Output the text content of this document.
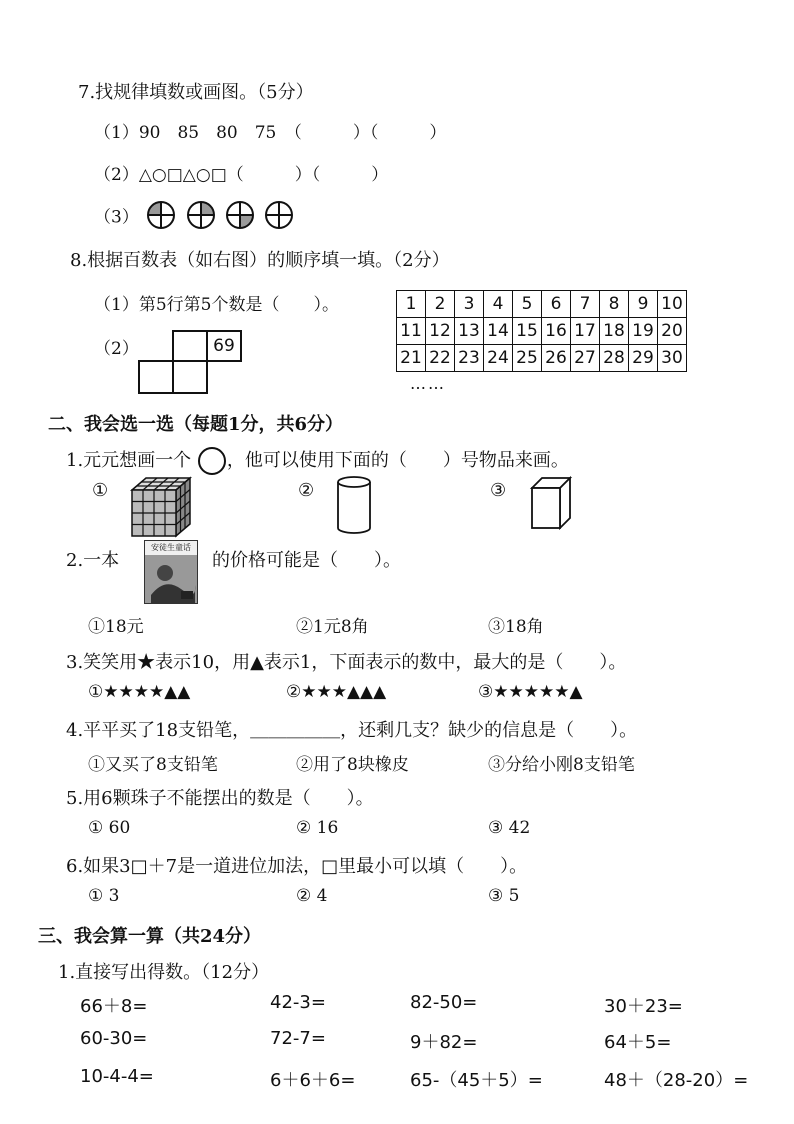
7.找规律填数或画图。（5分）
（1）90　85　80　75　（　　　）（　　　）
（2）△○□△○□（　　　）（　　　）
（3）
8.根据百数表（如右图）的顺序填一填。（2分）
（1）第5行第5个数是（　　）。
（2）	69
1	2	3	4	5	6	7	8	9	10
11	12	13	14	15	16	17	18	19	20
21	22	23	24	25	26	27	28	29	30
……
二、我会选一选（每题1分，共6分）
1.元元想画一个 ，他可以使用下面的（　　）号物品来画。
①	②	③
2.一本
安徒生童话
的价格可能是（　　）。
①18元	②1元8角	③18角
3.笑笑用★表示10，用▲表示1，下面表示的数中，最大的是（　　）。
①★★★★▲▲	②★★★▲▲▲	③★★★★★▲
4.平平买了18支铅笔，＿＿＿＿＿，还剩几支？缺少的信息是（　　）。
①又买了8支铅笔	②用了8块橡皮	③分给小刚8支铅笔
5.用6颗珠子不能摆出的数是（　　）。
① 60	② 16	③ 42
6.如果3□＋7是一道进位加法，□里最小可以填（　　）。
① 3	② 4	③ 5
三、我会算一算（共24分）
1.直接写出得数。（12分）
66＋8=	42-3=	82-50=	30＋23=
60-30=	72-7=	9＋82=	64＋5=
10-4-4=	6＋6＋6=	65-（45＋5）=	48＋（28-20）=
